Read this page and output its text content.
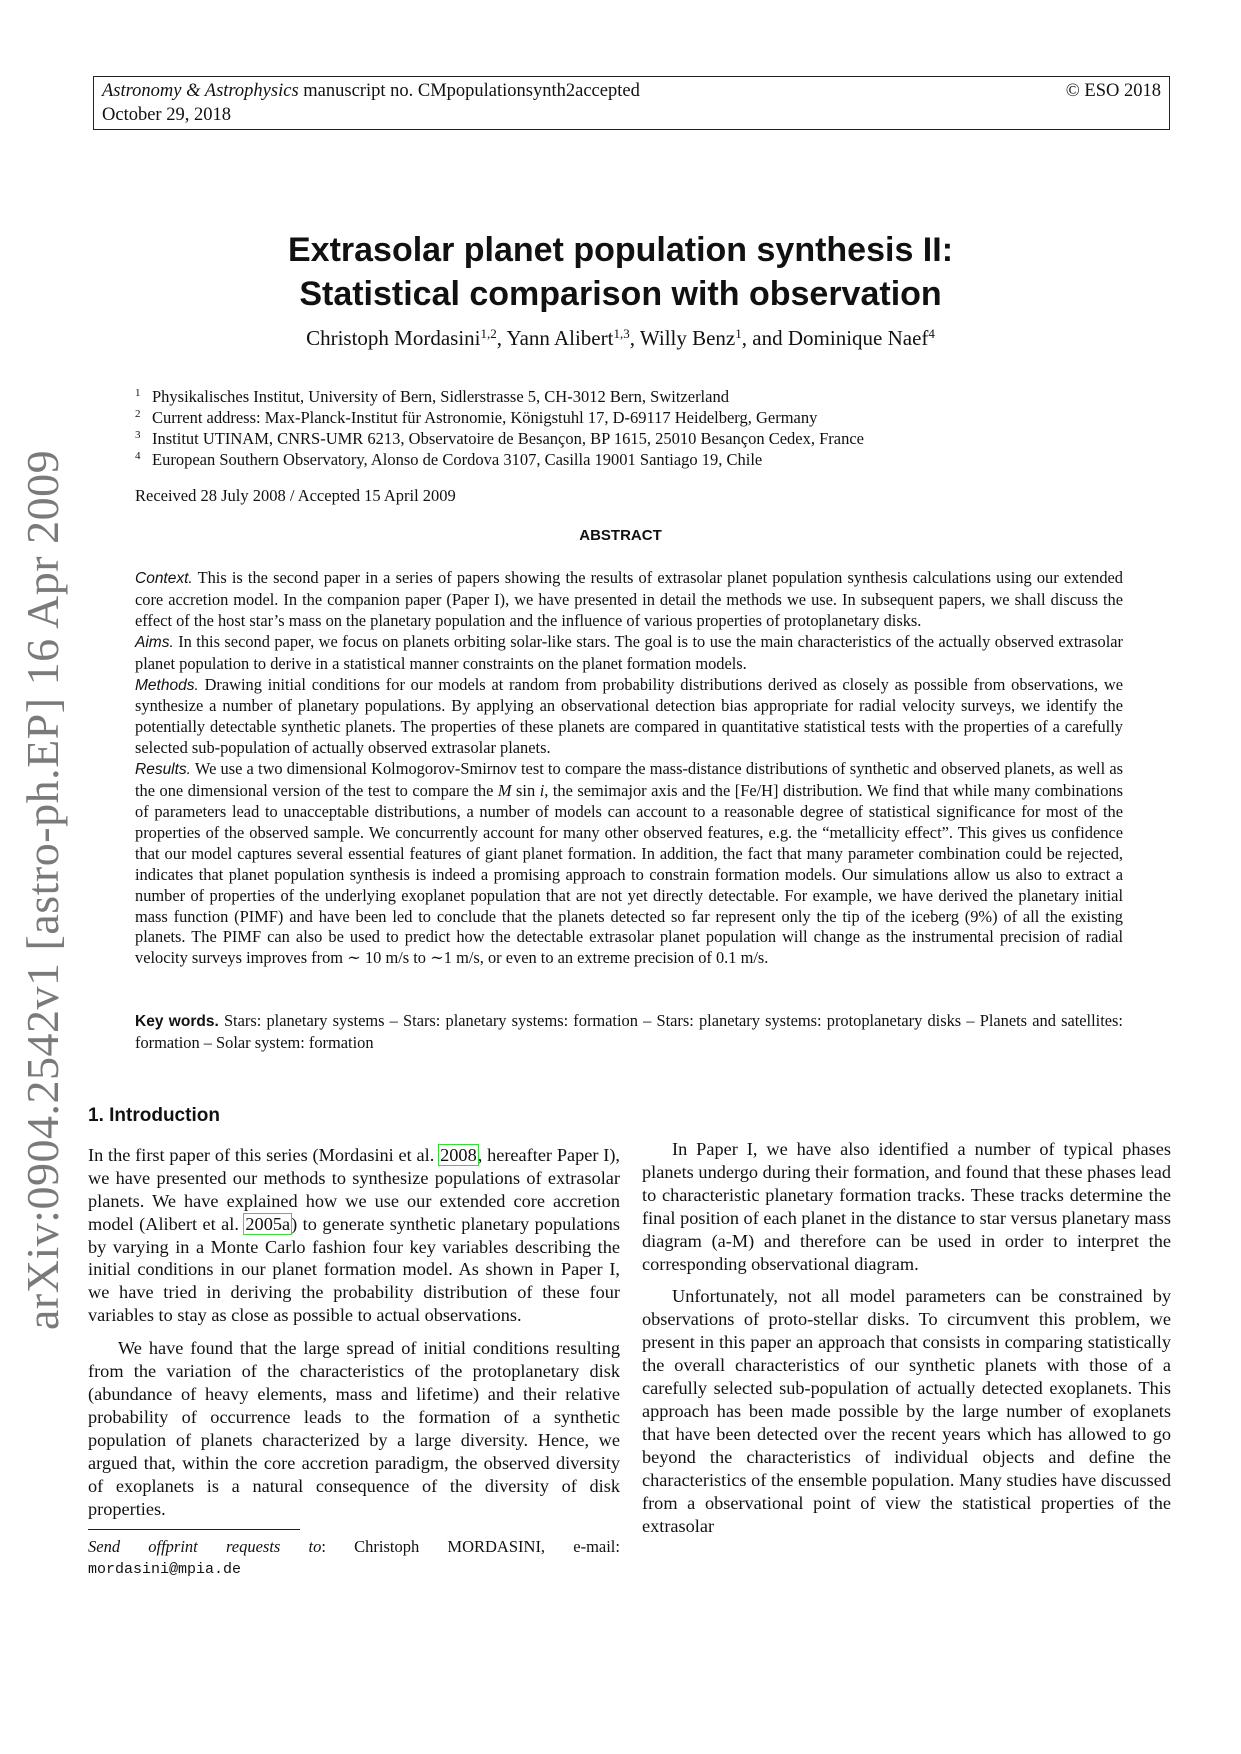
Astronomy & Astrophysics manuscript no. CMpopulationsynth2accepted
October 29, 2018
© ESO 2018
arXiv:0904.2542v1 [astro-ph.EP] 16 Apr 2009
Extrasolar planet population synthesis II:
Statistical comparison with observation
Christoph Mordasini$^{1,2}$, Yann Alibert$^{1,3}$, Willy Benz$^1$, and Dominique Naef$^4$
1 Physikalisches Institut, University of Bern, Sidlerstrasse 5, CH-3012 Bern, Switzerland
2 Current address: Max-Planck-Institut für Astronomie, Königstuhl 17, D-69117 Heidelberg, Germany
3 Institut UTINAM, CNRS-UMR 6213, Observatoire de Besançon, BP 1615, 25010 Besançon Cedex, France
4 European Southern Observatory, Alonso de Cordova 3107, Casilla 19001 Santiago 19, Chile
Received 28 July 2008 / Accepted 15 April 2009
ABSTRACT

Context. This is the second paper in a series of papers showing the results of extrasolar planet population synthesis calculations using our extended core accretion model. In the companion paper (Paper I), we have presented in detail the methods we use. In subsequent papers, we shall discuss the effect of the host star’s mass on the planetary population and the influence of various properties of protoplanetary disks.

Aims. In this second paper, we focus on planets orbiting solar-like stars. The goal is to use the main characteristics of the actually observed extrasolar planet population to derive in a statistical manner constraints on the planet formation models.

Methods. Drawing initial conditions for our models at random from probability distributions derived as closely as possible from observations, we synthesize a number of planetary populations. By applying an observational detection bias appropriate for radial velocity surveys, we identify the potentially detectable synthetic planets. The properties of these planets are compared in quantitative statistical tests with the properties of a carefully selected sub-population of actually observed extrasolar planets.

Results. We use a two dimensional Kolmogorov-Smirnov test to compare the mass-distance distributions of synthetic and observed planets, as well as the one dimensional version of the test to compare the M sin i, the semimajor axis and the [Fe/H] distribution. We find that while many combinations of parameters lead to unacceptable distributions, a number of models can account to a reasonable degree of statistical significance for most of the properties of the observed sample. We concurrently account for many other observed features, e.g. the “metallicity effect”. This gives us confidence that our model captures several essential features of giant planet formation. In addition, the fact that many parameter combination could be rejected, indicates that planet population synthesis is indeed a promising approach to constrain formation models. Our simulations allow us also to extract a number of properties of the underlying exoplanet population that are not yet directly detectable. For example, we have derived the planetary initial mass function (PIMF) and have been led to conclude that the planets detected so far represent only the tip of the iceberg (9%) of all the existing planets. The PIMF can also be used to predict how the detectable extrasolar planet population will change as the instrumental precision of radial velocity surveys improves from ∼ 10 m/s to ∼1 m/s, or even to an extreme precision of 0.1 m/s.

Key words. Stars: planetary systems – Stars: planetary systems: formation – Stars: planetary systems: protoplanetary disks – Planets and satellites: formation – Solar system: formation

1. Introduction

In the first paper of this series (Mordasini et al. 2008, hereafter Paper I), we have presented our methods to synthesize populations of extrasolar planets. We have explained how we use our extended core accretion model (Alibert et al. 2005a) to generate synthetic planetary populations by varying in a Monte Carlo fashion four key variables describing the initial conditions in our planet formation model. As shown in Paper I, we have tried in deriving the probability distribution of these four variables to stay as close as possible to actual observations.

We have found that the large spread of initial conditions resulting from the variation of the characteristics of the protoplanetary disk (abundance of heavy elements, mass and lifetime) and their relative probability of occurrence leads to the formation of a synthetic population of planets characterized by a large diversity. Hence, we argued that, within the core accretion paradigm, the observed diversity of exoplanets is a natural consequence of the diversity of disk properties.

In Paper I, we have also identified a number of typical phases planets undergo during their formation, and found that these phases lead to characteristic planetary formation tracks. These tracks determine the final position of each planet in the distance to star versus planetary mass diagram (a-M) and therefore can be used in order to interpret the corresponding observational diagram.

Unfortunately, not all model parameters can be constrained by observations of proto-stellar disks. To circumvent this problem, we present in this paper an approach that consists in comparing statistically the overall characteristics of our synthetic planets with those of a carefully selected sub-population of actually detected exoplanets. This approach has been made possible by the large number of exoplanets that have been detected over the recent years which has allowed to go beyond the characteristics of individual objects and define the characteristics of the ensemble population. Many studies have discussed from a observational point of view the statistical properties of the extrasolar

Send offprint requests to: Christoph MORDASINI, e-mail: mordasini@mpia.de
